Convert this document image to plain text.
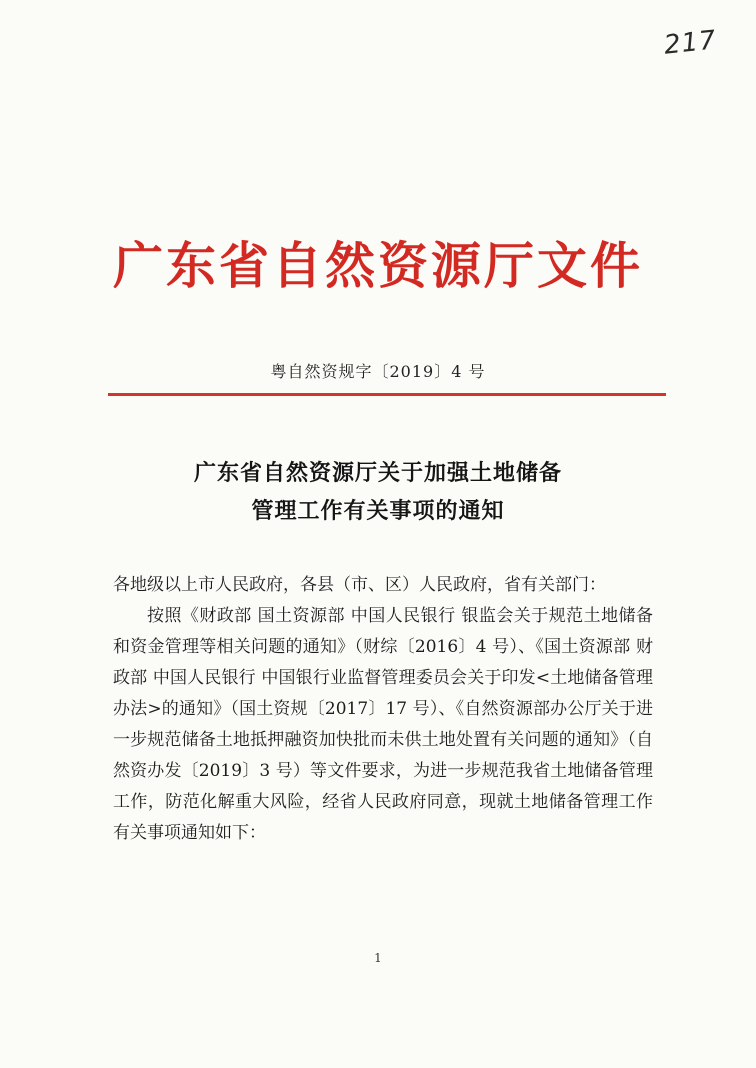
217
广东省自然资源厅文件
粤自然资规字〔2019〕4 号
广东省自然资源厅关于加强土地储备
管理工作有关事项的通知

各地级以上市人民政府，各县（市、区）人民政府，省有关部门：

按照《财政部 国土资源部 中国人民银行 银监会关于规范土地储备和资金管理等相关问题的通知》（财综〔2016〕4 号）、《国土资源部 财政部 中国人民银行 中国银行业监督管理委员会关于印发<土地储备管理办法>的通知》（国土资规〔2017〕17 号）、《自然资源部办公厅关于进一步规范储备土地抵押融资加快批而未供土地处置有关问题的通知》（自然资办发〔2019〕3 号）等文件要求，为进一步规范我省土地储备管理工作，防范化解重大风险，经省人民政府同意，现就土地储备管理工作有关事项通知如下：

1
